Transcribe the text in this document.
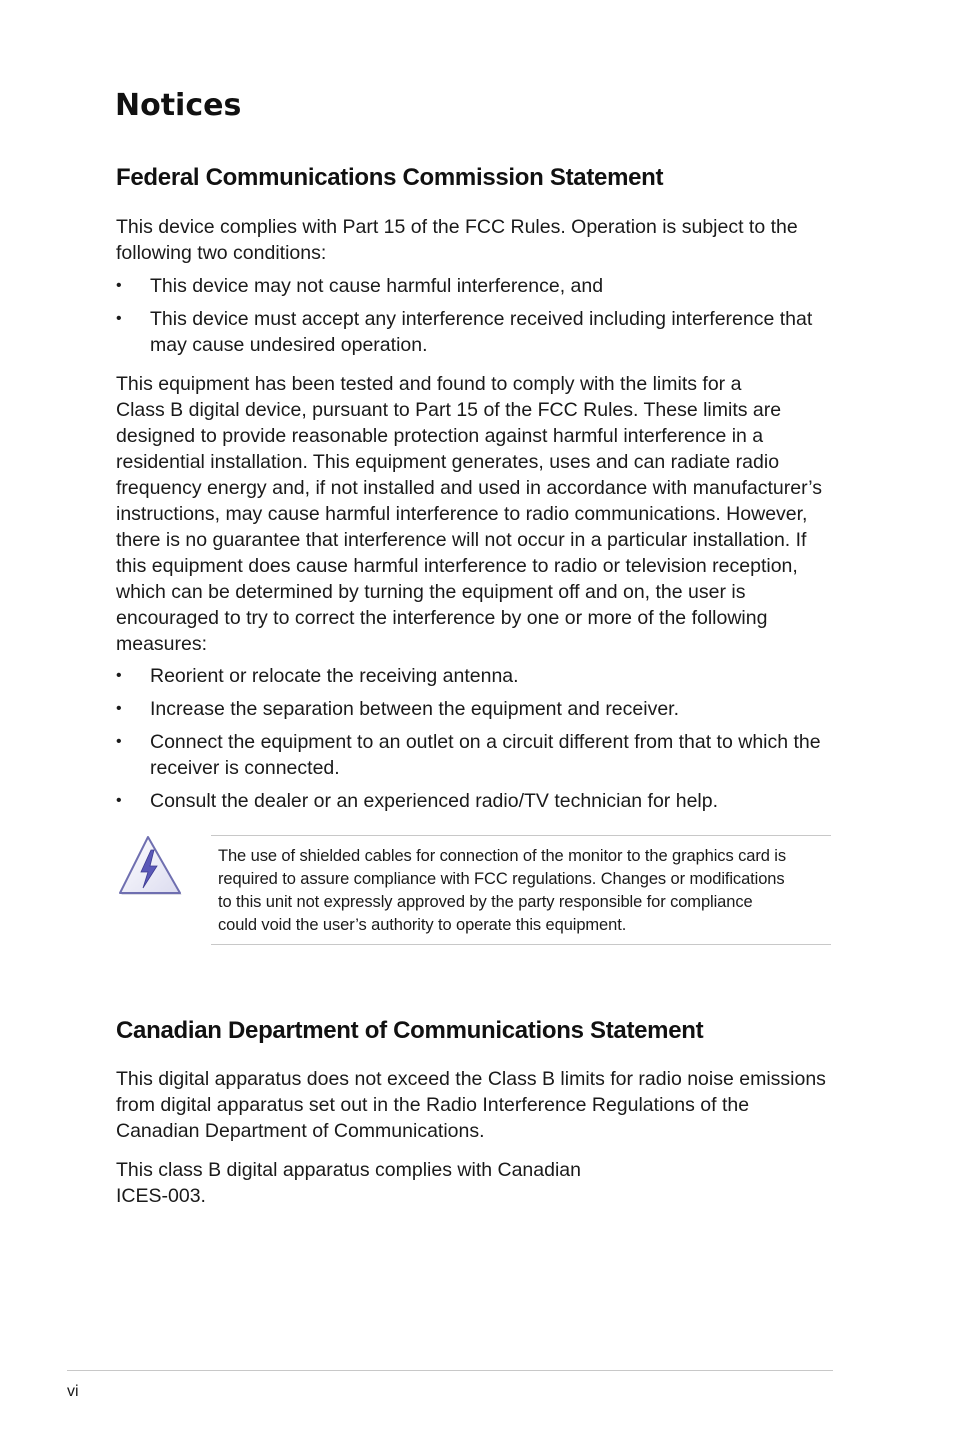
Notices
Federal Communications Commission Statement

This device complies with Part 15 of the FCC Rules. Operation is subject to the
following two conditions:

• This device may not cause harmful interference, and
• This device must accept any interference received including interference that
may cause undesired operation.

This equipment has been tested and found to comply with the limits for a
Class B digital device, pursuant to Part 15 of the FCC Rules. These limits are
designed to provide reasonable protection against harmful interference in a
residential installation. This equipment generates, uses and can radiate radio
frequency energy and, if not installed and used in accordance with manufacturer’s
instructions, may cause harmful interference to radio communications. However,
there is no guarantee that interference will not occur in a particular installation. If
this equipment does cause harmful interference to radio or television reception,
which can be determined by turning the equipment off and on, the user is
encouraged to try to correct the interference by one or more of the following
measures:

• Reorient or relocate the receiving antenna.
• Increase the separation between the equipment and receiver.
• Connect the equipment to an outlet on a circuit different from that to which the
receiver is connected.
• Consult the dealer or an experienced radio/TV technician for help.

The use of shielded cables for connection of the monitor to the graphics card is
required to assure compliance with FCC regulations. Changes or modifications
to this unit not expressly approved by the party responsible for compliance
could void the user’s authority to operate this equipment.

Canadian Department of Communications Statement

This digital apparatus does not exceed the Class B limits for radio noise emissions
from digital apparatus set out in the Radio Interference Regulations of the
Canadian Department of Communications.

This class B digital apparatus complies with Canadian
ICES-003.

vi
